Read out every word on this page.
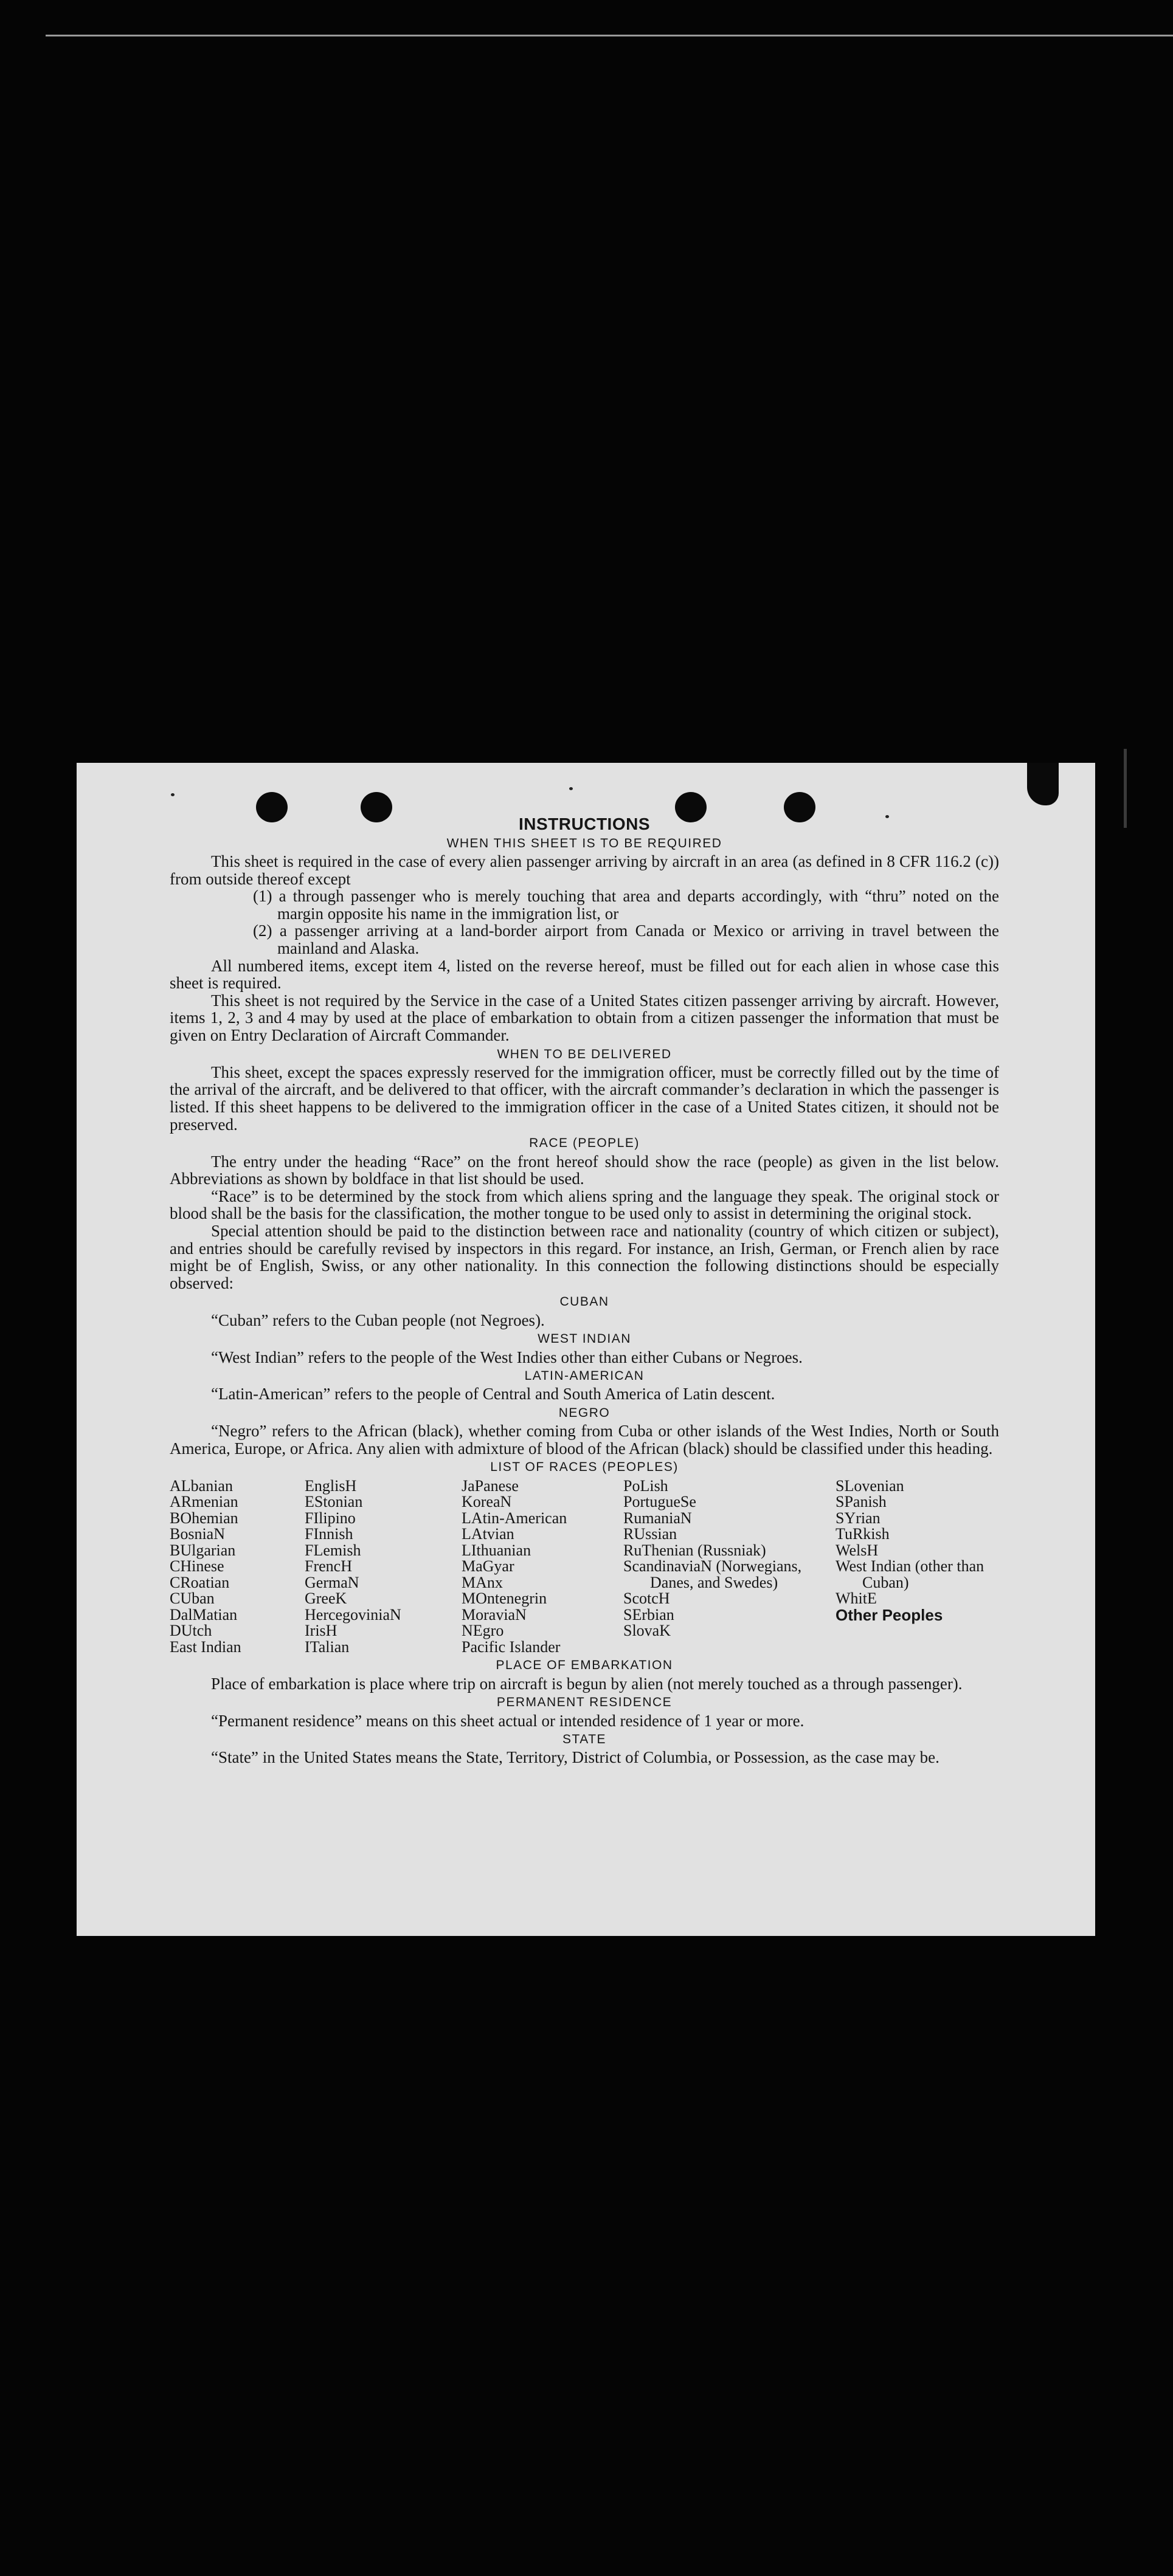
INSTRUCTIONS
WHEN THIS SHEET IS TO BE REQUIRED

This sheet is required in the case of every alien passenger arriving by aircraft in an area (as defined in 8 CFR 116.2 (c)) from outside thereof except

(1) a through passenger who is merely touching that area and departs accordingly, with “thru” noted on the margin opposite his name in the immigration list, or
(2) a passenger arriving at a land-border airport from Canada or Mexico or arriving in travel between the mainland and Alaska.

All numbered items, except item 4, listed on the reverse hereof, must be filled out for each alien in whose case this sheet is required.

This sheet is not required by the Service in the case of a United States citizen passenger arriving by aircraft. However, items 1, 2, 3 and 4 may by used at the place of embarkation to obtain from a citizen passenger the information that must be given on Entry Declaration of Aircraft Commander.

WHEN TO BE DELIVERED

This sheet, except the spaces expressly reserved for the immigration officer, must be correctly filled out by the time of the arrival of the aircraft, and be delivered to that officer, with the aircraft commander’s declaration in which the passenger is listed. If this sheet happens to be delivered to the immigration officer in the case of a United States citizen, it should not be preserved.

RACE (PEOPLE)

The entry under the heading “Race” on the front hereof should show the race (people) as given in the list below. Abbreviations as shown by boldface in that list should be used.

“Race” is to be determined by the stock from which aliens spring and the language they speak. The original stock or blood shall be the basis for the classification, the mother tongue to be used only to assist in determining the original stock.

Special attention should be paid to the distinction between race and nationality (country of which citizen or subject), and entries should be carefully revised by inspectors in this regard. For instance, an Irish, German, or French alien by race might be of English, Swiss, or any other nationality. In this connection the following distinctions should be especially observed:

CUBAN

“Cuban” refers to the Cuban people (not Negroes).

WEST INDIAN

“West Indian” refers to the people of the West Indies other than either Cubans or Negroes.

LATIN-AMERICAN

“Latin-American” refers to the people of Central and South America of Latin descent.

NEGRO

“Negro” refers to the African (black), whether coming from Cuba or other islands of the West Indies, North or South America, Europe, or Africa. Any alien with admixture of blood of the African (black) should be classified under this heading.

LIST OF RACES (PEOPLES)
ALbanian
ARmenian
BOhemian
BosniaN
BUlgarian
CHinese
CRoatian
CUban
DalMatian
DUtch
East Indian
EnglisH
EStonian
FIlipino
FInnish
FLemish
FrencH
GermaN
GreeK
HercegoviniaN
IrisH
ITalian
JaPanese
KoreaN
LAtin-American
LAtvian
LIthuanian
MaGyar
MAnx
MOntenegrin
MoraviaN
NEgro
Pacific Islander
PoLish
PortugueSe
RumaniaN
RUssian
RuThenian (Russniak)
ScandinaviaN (Norwegians, Danes, and Swedes)
ScotcH
SErbian
SlovaK
SLovenian
SPanish
SYrian
TuRkish
WelsH
West Indian (other than Cuban)
WhitE
Other Peoples
PLACE OF EMBARKATION

Place of embarkation is place where trip on aircraft is begun by alien (not merely touched as a through passenger).

PERMANENT RESIDENCE

“Permanent residence” means on this sheet actual or intended residence of 1 year or more.

STATE

“State” in the United States means the State, Territory, District of Columbia, or Possession, as the case may be.
